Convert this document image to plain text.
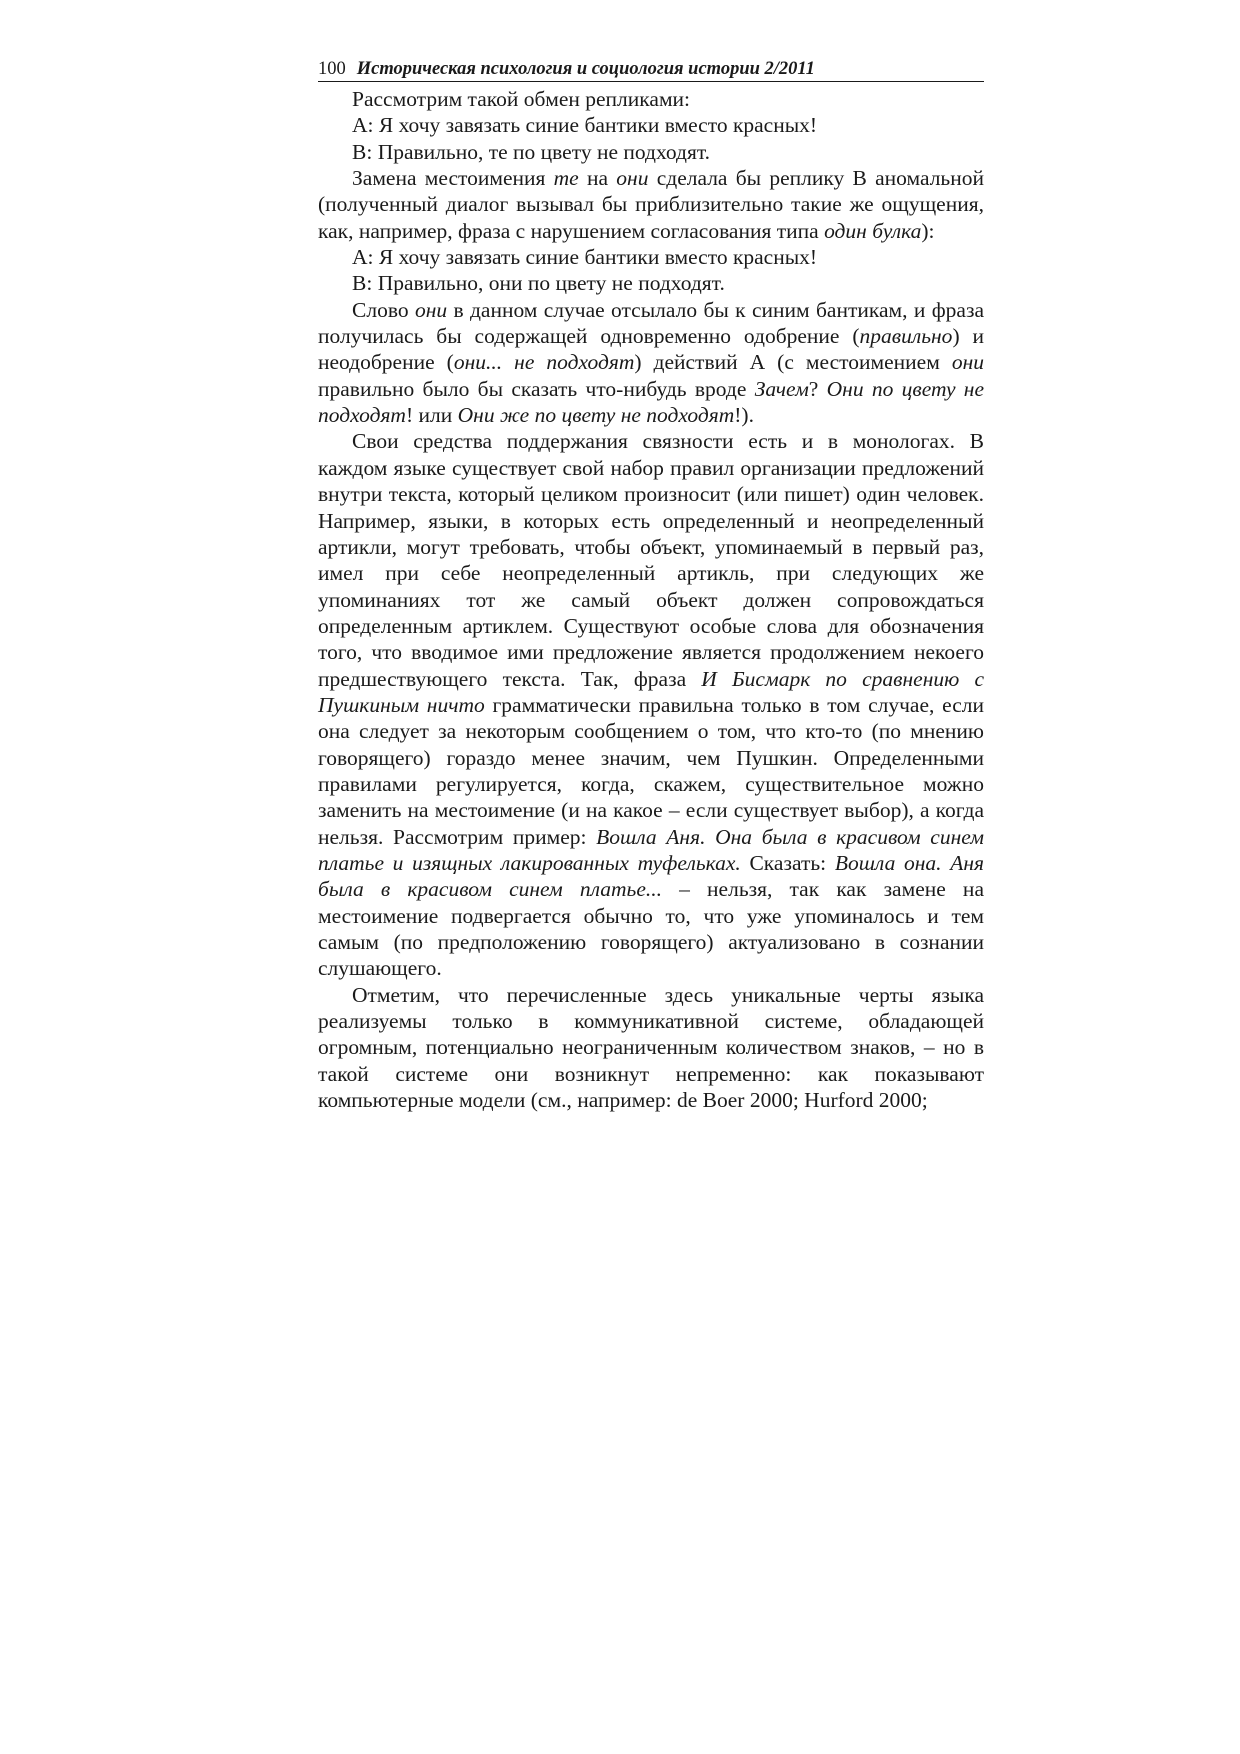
100 Историческая психология и социология истории 2/2011

Рассмотрим такой обмен репликами:

А: Я хочу завязать синие бантики вместо красных!

В: Правильно, те по цвету не подходят.

Замена местоимения те на они сделала бы реплику В аномальной (полученный диалог вызывал бы приблизительно такие же ощущения, как, например, фраза с нарушением согласования типа один булка):

А: Я хочу завязать синие бантики вместо красных!

В: Правильно, они по цвету не подходят.

Слово они в данном случае отсылало бы к синим бантикам, и фраза получилась бы содержащей одновременно одобрение (правильно) и неодобрение (они... не подходят) действий А (с местоимением они правильно было бы сказать что-нибудь вроде Зачем? Они по цвету не подходят! или Они же по цвету не подходят!).

Свои средства поддержания связности есть и в монологах. В каждом языке существует свой набор правил организации предложений внутри текста, который целиком произносит (или пишет) один человек. Например, языки, в которых есть определенный и неопределенный артикли, могут требовать, чтобы объект, упоминаемый в первый раз, имел при себе неопределенный артикль, при следующих же упоминаниях тот же самый объект должен сопровождаться определенным артиклем. Существуют особые слова для обозначения того, что вводимое ими предложение является продолжением некоего предшествующего текста. Так, фраза И Бисмарк по сравнению с Пушкиным ничто грамматически правильна только в том случае, если она следует за некоторым сообщением о том, что кто-то (по мнению говорящего) гораздо менее значим, чем Пушкин. Определенными правилами регулируется, когда, скажем, существительное можно заменить на местоимение (и на какое – если существует выбор), а когда нельзя. Рассмотрим пример: Вошла Аня. Она была в красивом синем платье и изящных лакированных туфельках. Сказать: Вошла она. Аня была в красивом синем платье... – нельзя, так как замене на местоимение подвергается обычно то, что уже упоминалось и тем самым (по предположению говорящего) актуализовано в сознании слушающего.

Отметим, что перечисленные здесь уникальные черты языка реализуемы только в коммуникативной системе, обладающей огромным, потенциально неограниченным количеством знаков, – но в такой системе они возникнут непременно: как показывают компьютерные модели (см., например: de Boer 2000; Hurford 2000;
